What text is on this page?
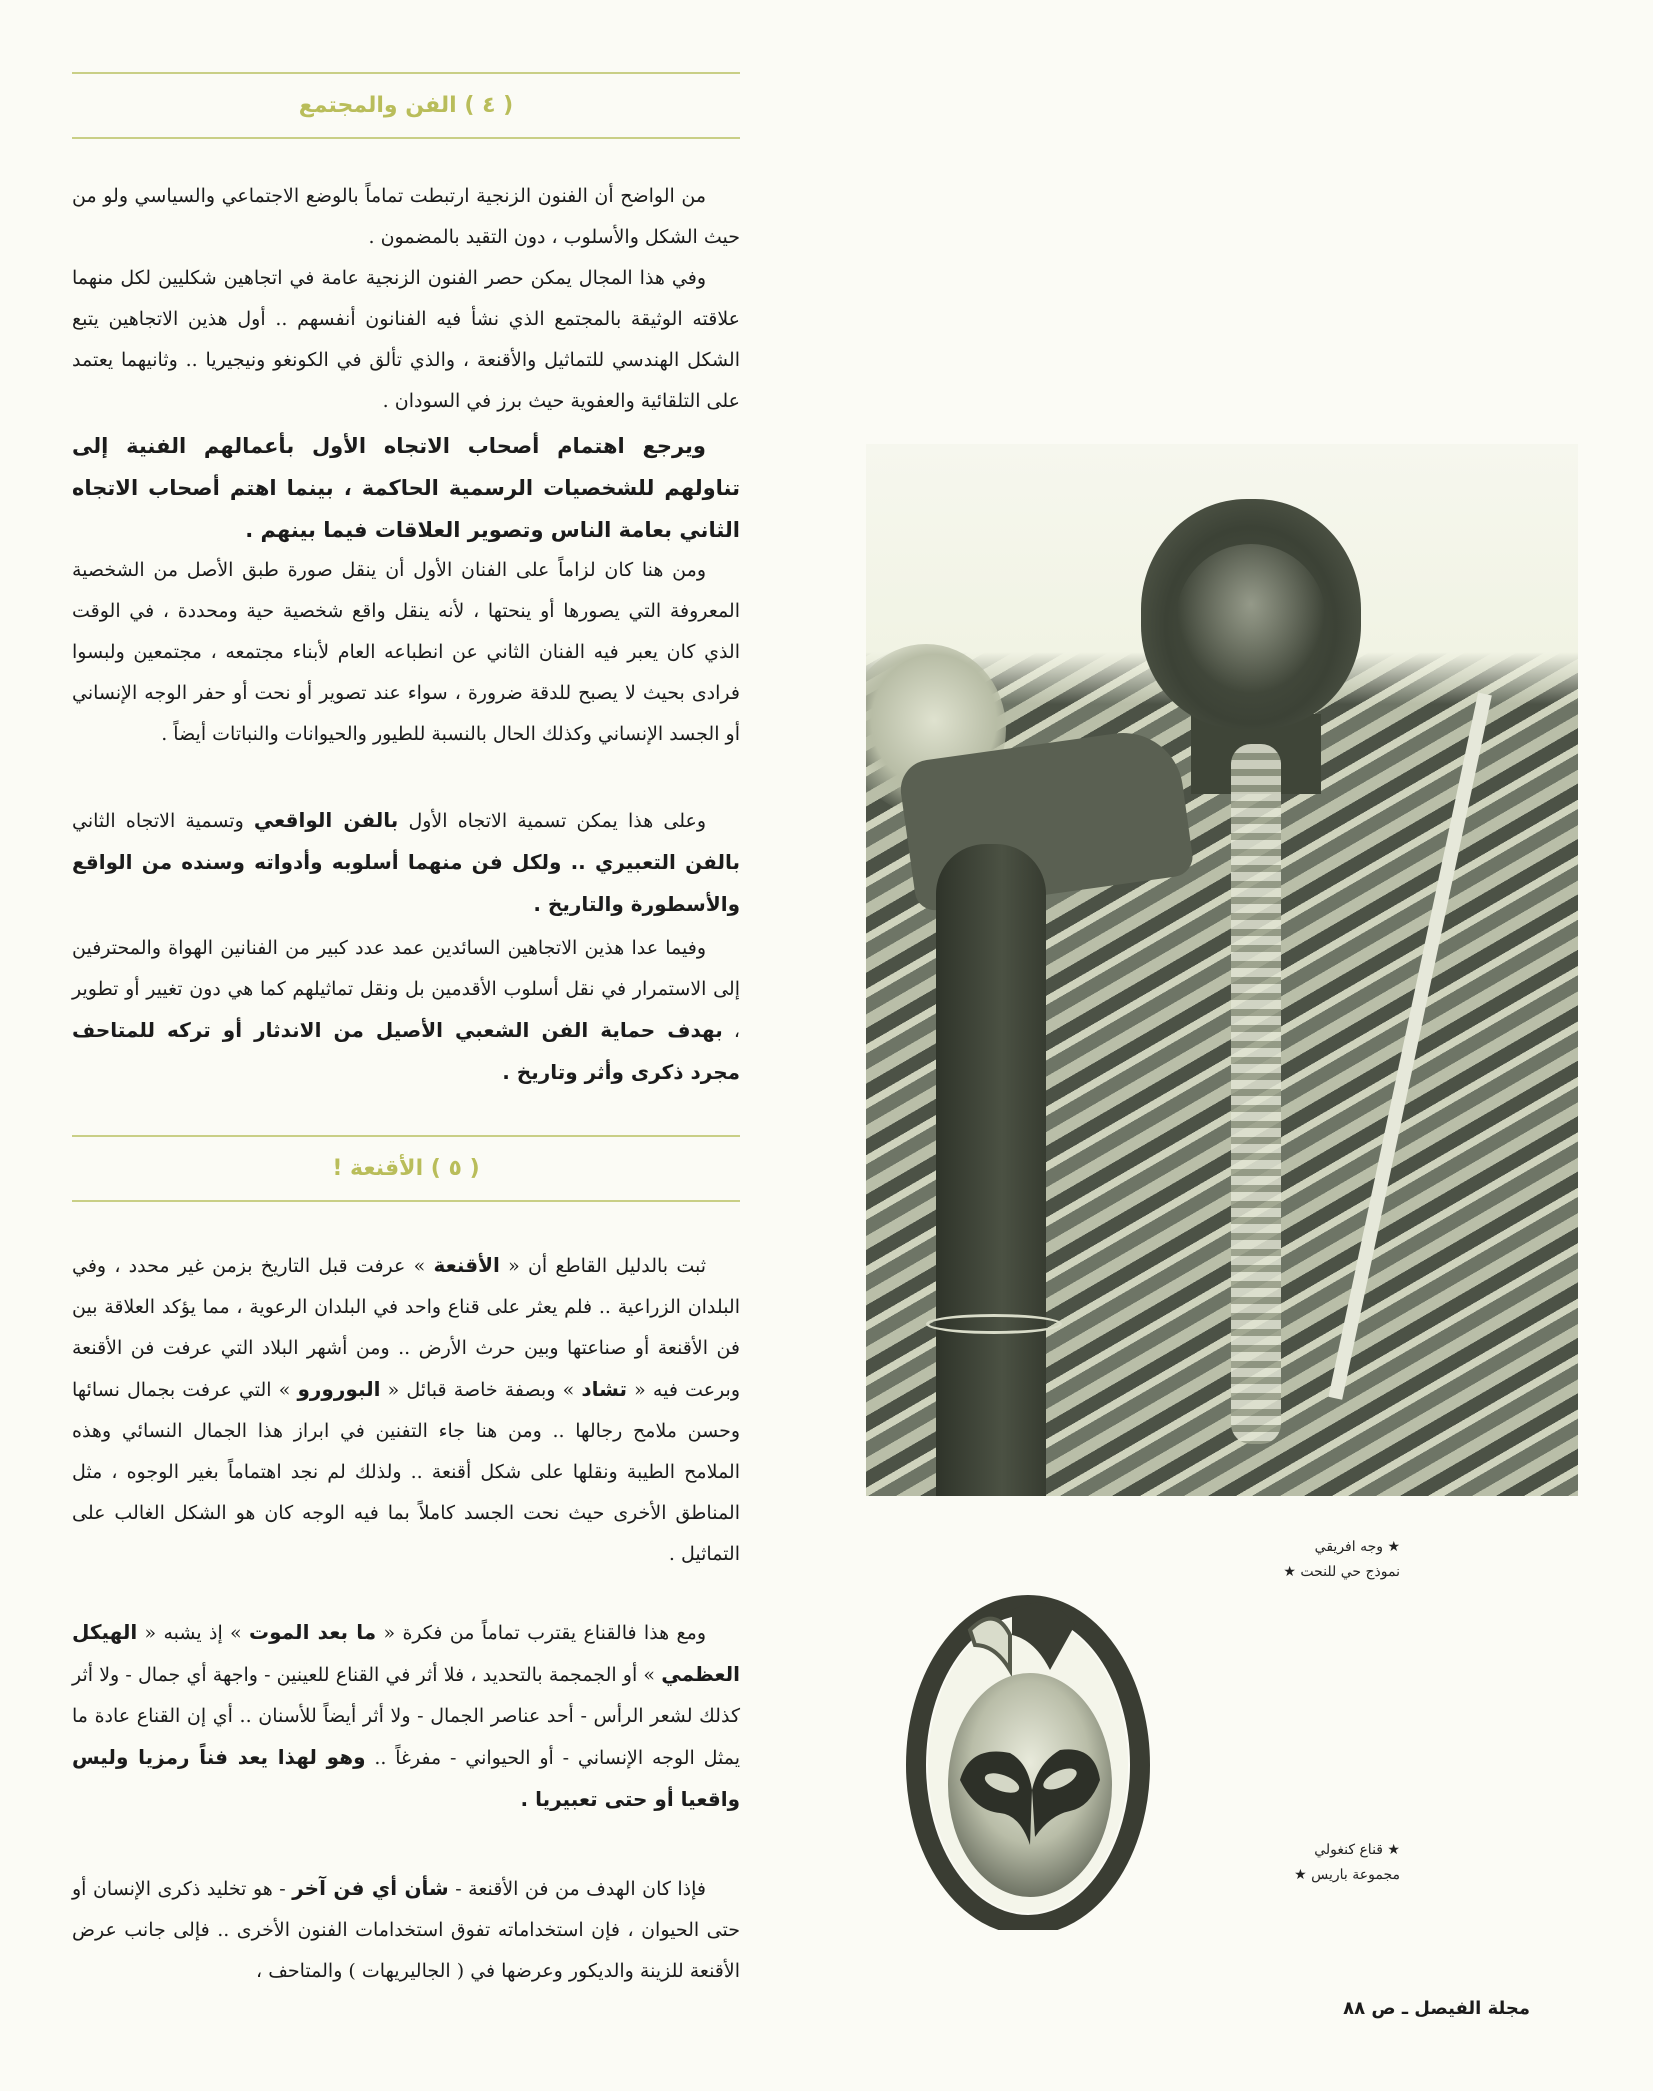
( ٤ ) الفن والمجتمع

من الواضح أن الفنون الزنجية ارتبطت تماماً بالوضع الاجتماعي والسياسي ولو من حيث الشكل والأسلوب ، دون التقيد بالمضمون .

وفي هذا المجال يمكن حصر الفنون الزنجية عامة في اتجاهين شكليين لكل منهما علاقته الوثيقة بالمجتمع الذي نشأ فيه الفنانون أنفسهم .. أول هذين الاتجاهين يتبع الشكل الهندسي للتماثيل والأقنعة ، والذي تألق في الكونغو ونيجيريا .. وثانيهما يعتمد على التلقائية والعفوية حيث برز في السودان .

ويرجع اهتمام أصحاب الاتجاه الأول بأعمالهم الفنية إلى تناولهم للشخصيات الرسمية الحاكمة ، بينما اهتم أصحاب الاتجاه الثاني بعامة الناس وتصوير العلاقات فيما بينهم .

ومن هنا كان لزاماً على الفنان الأول أن ينقل صورة طبق الأصل من الشخصية المعروفة التي يصورها أو ينحتها ، لأنه ينقل واقع شخصية حية ومحددة ، في الوقت الذي كان يعبر فيه الفنان الثاني عن انطباعه العام لأبناء مجتمعه ، مجتمعين ولبسوا فرادى بحيث لا يصبح للدقة ضرورة ، سواء عند تصوير أو نحت أو حفر الوجه الإنساني أو الجسد الإنساني وكذلك الحال بالنسبة للطيور والحيوانات والنباتات أيضاً .

وعلى هذا يمكن تسمية الاتجاه الأول بالفن الواقعي وتسمية الاتجاه الثاني بالفن التعبيري .. ولكل فن منهما أسلوبه وأدواته وسنده من الواقع والأسطورة والتاريخ .

وفيما عدا هذين الاتجاهين السائدين عمد عدد كبير من الفنانين الهواة والمحترفين إلى الاستمرار في نقل أسلوب الأقدمين بل ونقل تماثيلهم كما هي دون تغيير أو تطوير ، بهدف حماية الفن الشعبي الأصيل من الاندثار أو تركه للمتاحف مجرد ذكرى وأثر وتاريخ .

( ٥ ) الأقنعة !

ثبت بالدليل القاطع أن « الأقنعة » عرفت قبل التاريخ بزمن غير محدد ، وفي البلدان الزراعية .. فلم يعثر على قناع واحد في البلدان الرعوية ، مما يؤكد العلاقة بين فن الأقنعة أو صناعتها وبين حرث الأرض .. ومن أشهر البلاد التي عرفت فن الأقنعة وبرعت فيه « تشاد » وبصفة خاصة قبائل « البورورو » التي عرفت بجمال نسائها وحسن ملامح رجالها .. ومن هنا جاء التفنين في ابراز هذا الجمال النسائي وهذه الملامح الطيبة ونقلها على شكل أقنعة .. ولذلك لم نجد اهتماماً بغير الوجوه ، مثل المناطق الأخرى حيث نحت الجسد كاملاً بما فيه الوجه كان هو الشكل الغالب على التماثيل .

ومع هذا فالقناع يقترب تماماً من فكرة « ما بعد الموت » إذ يشبه « الهيكل العظمي » أو الجمجمة بالتحديد ، فلا أثر في القناع للعينين - واجهة أي جمال - ولا أثر كذلك لشعر الرأس - أحد عناصر الجمال - ولا أثر أيضاً للأسنان .. أي إن القناع عادة ما يمثل الوجه الإنساني - أو الحيواني - مفرغاً .. وهو لهذا يعد فناً رمزيا وليس واقعيا أو حتى تعبيريا .

فإذا كان الهدف من فن الأقنعة - شأن أي فن آخر - هو تخليد ذكرى الإنسان أو حتى الحيوان ، فإن استخداماته تفوق استخدامات الفنون الأخرى .. فإلى جانب عرض الأقنعة للزينة والديكور وعرضها في ( الجاليريهات ) والمتاحف ،

★ وجه افريقي
نموذج حي للنحت ★
★ قناع كنغولي
مجموعة باريس ★
مجلة الفيصل ـ ص ٨٨
